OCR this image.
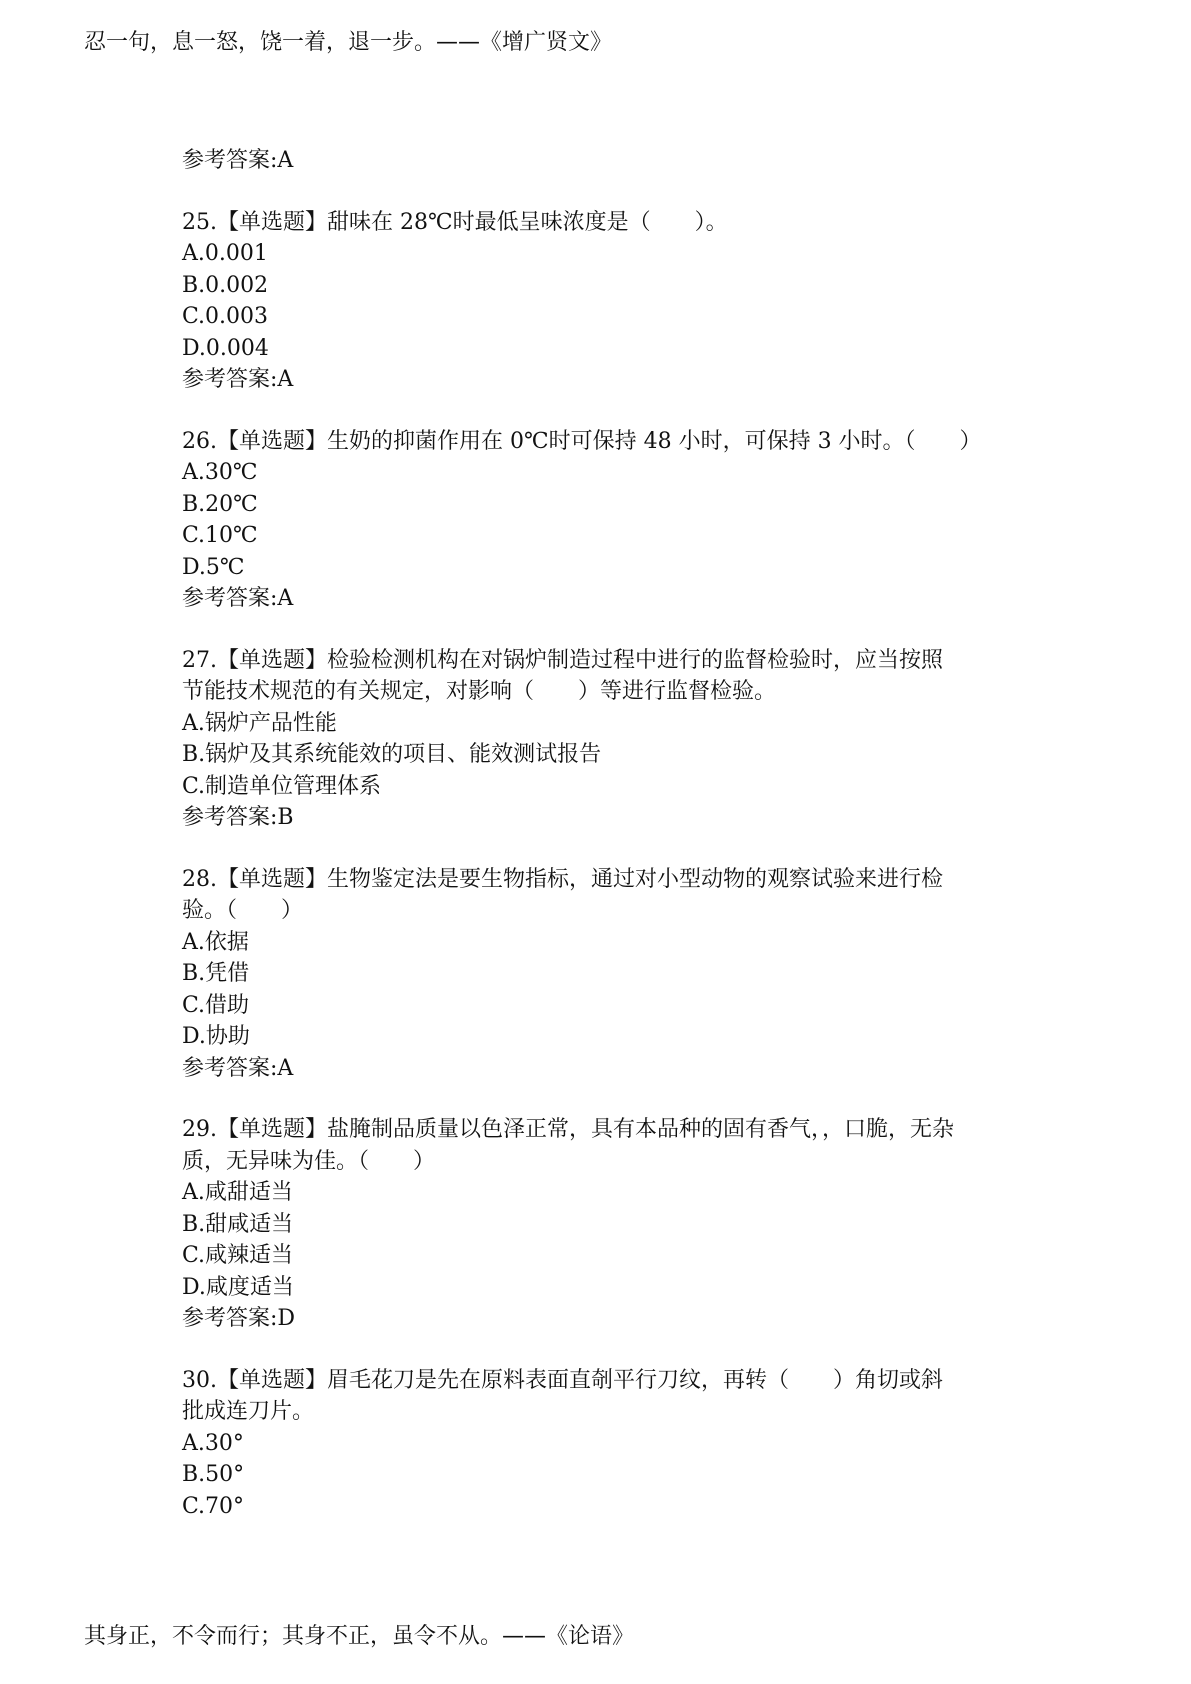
忍一句，息一怒，饶一着，退一步。——《增广贤文》
参考答案:A
25.【单选题】甜味在 28℃时最低呈味浓度是（　　）。
A.0.001
B.0.002
C.0.003
D.0.004
参考答案:A
26.【单选题】生奶的抑菌作用在 0℃时可保持 48 小时，可保持 3 小时。（　　）
A.30℃
B.20℃
C.10℃
D.5℃
参考答案:A
27.【单选题】检验检测机构在对锅炉制造过程中进行的监督检验时，应当按照
节能技术规范的有关规定，对影响（　　）等进行监督检验。
A.锅炉产品性能
B.锅炉及其系统能效的项目、能效测试报告
C.制造单位管理体系
参考答案:B
28.【单选题】生物鉴定法是要生物指标，通过对小型动物的观察试验来进行检
验。（　　）
A.依据
B.凭借
C.借助
D.协助
参考答案:A
29.【单选题】盐腌制品质量以色泽正常，具有本品种的固有香气，，口脆，无杂
质，无异味为佳。（　　）
A.咸甜适当
B.甜咸适当
C.咸辣适当
D.咸度适当
参考答案:D
30.【单选题】眉毛花刀是先在原料表面直剞平行刀纹，再转（　　）角切或斜
批成连刀片。
A.30°
B.50°
C.70°
其身正，不令而行；其身不正，虽令不从。——《论语》
